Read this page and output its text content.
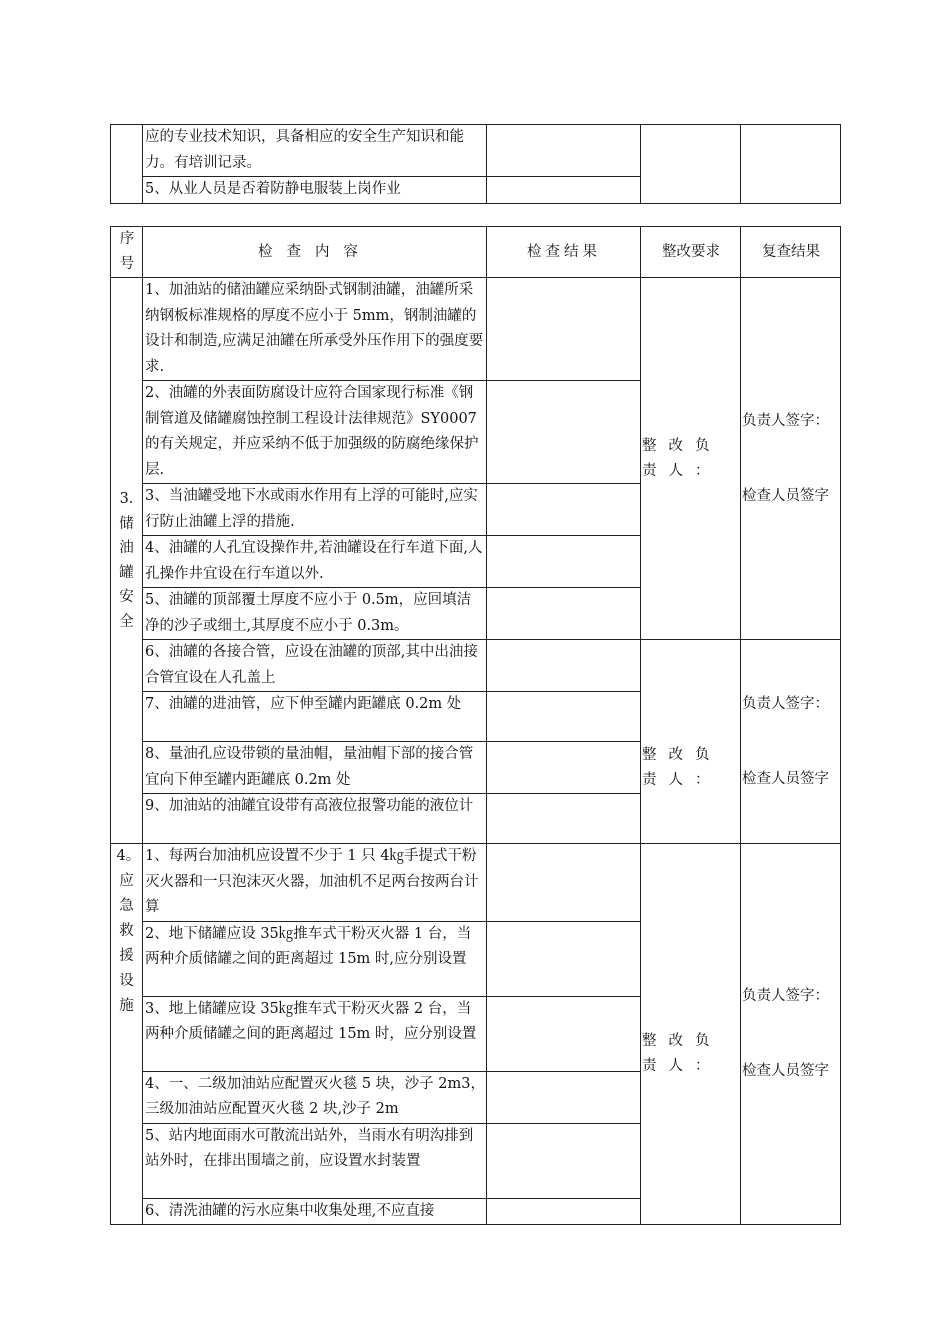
	应的专业技术知识，具备相应的安全生产知识和能力。有培训记录。			
	5、从业人员是否着防静电服装上岗作业			
序号	检查内容	检查结果	整改要求	复查结果

3.储油罐安全	1、加油站的储油罐应采纳卧式钢制油罐，油罐所采纳钢板标准规格的厚度不应小于 5mm，钢制油罐的设计和制造,应满足油罐在所承受外压作用下的强度要求.		整改负责人：	负责人签字：
检查人员签字

	2、油罐的外表面防腐设计应符合国家现行标准《钢制管道及储罐腐蚀控制工程设计法律规范》SY0007 的有关规定，并应采纳不低于加强级的防腐绝缘保护层.			
	3、当油罐受地下水或雨水作用有上浮的可能时,应实行防止油罐上浮的措施.			
	4、油罐的人孔宜设操作井,若油罐设在行车道下面,人孔操作井宜设在行车道以外.			
	5、油罐的顶部覆土厚度不应小于 0.5m，应回填洁净的沙子或细土,其厚度不应小于 0.3m。			
	6、油罐的各接合管，应设在油罐的顶部,其中出油接合管宜设在人孔盖上		整改负责人：	负责人签字：
检查人员签字

	7、油罐的进油管，应下伸至罐内距罐底 0.2m 处			
	8、量油孔应设带锁的量油帽，量油帽下部的接合管宜向下伸至罐内距罐底 0.2m 处			
	9、加油站的油罐宜设带有高液位报警功能的液位计			

4。应急救援设施	1、每两台加油机应设置不少于 1 只 4㎏手提式干粉灭火器和一只泡沫灭火器，加油机不足两台按两台计算		整改负责人：	负责人签字：
检查人员签字

	2、地下储罐应设 35㎏推车式干粉灭火器 1 台，当两种介质储罐之间的距离超过 15m 时,应分别设置			
	3、地上储罐应设 35㎏推车式干粉灭火器 2 台，当两种介质储罐之间的距离超过 15m 时，应分别设置			
	4、一、二级加油站应配置灭火毯 5 块，沙子 2m3，三级加油站应配置灭火毯 2 块,沙子 2m			
	5、站内地面雨水可散流出站外，当雨水有明沟排到站外时，在排出围墙之前，应设置水封装置			
	6、清洗油罐的污水应集中收集处理,不应直接			
